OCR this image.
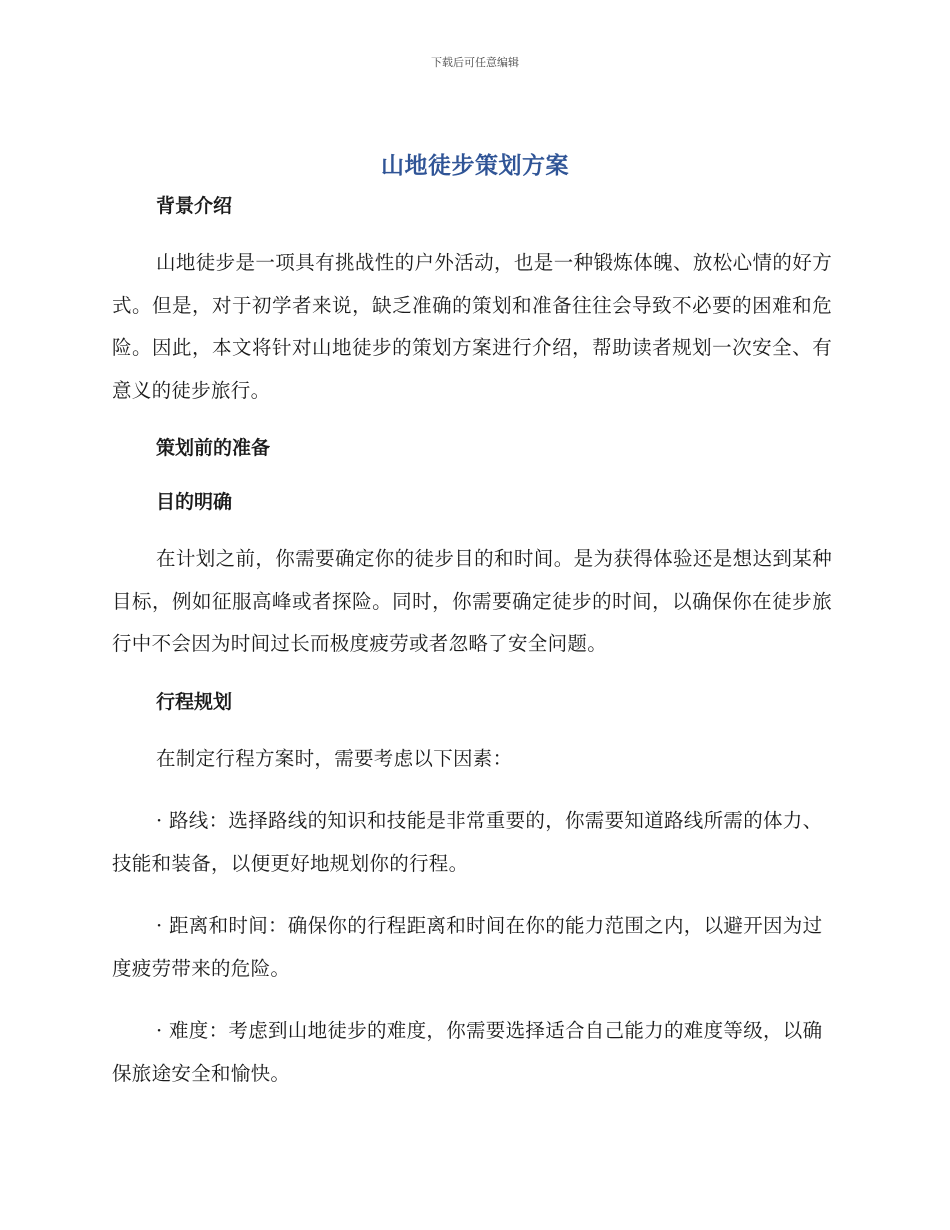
下载后可任意编辑
山地徒步策划方案
背景介绍

山地徒步是一项具有挑战性的户外活动，也是一种锻炼体魄、放松心情的好方式。但是，对于初学者来说，缺乏准确的策划和准备往往会导致不必要的困难和危险。因此，本文将针对山地徒步的策划方案进行介绍，帮助读者规划一次安全、有意义的徒步旅行。

策划前的准备
目的明确

在计划之前，你需要确定你的徒步目的和时间。是为获得体验还是想达到某种目标，例如征服高峰或者探险。同时，你需要确定徒步的时间，以确保你在徒步旅行中不会因为时间过长而极度疲劳或者忽略了安全问题。

行程规划

在制定行程方案时，需要考虑以下因素：

· 路线：选择路线的知识和技能是非常重要的，你需要知道路线所需的体力、技能和装备，以便更好地规划你的行程。

· 距离和时间：确保你的行程距离和时间在你的能力范围之内，以避开因为过度疲劳带来的危险。

· 难度：考虑到山地徒步的难度，你需要选择适合自己能力的难度等级，以确保旅途安全和愉快。
